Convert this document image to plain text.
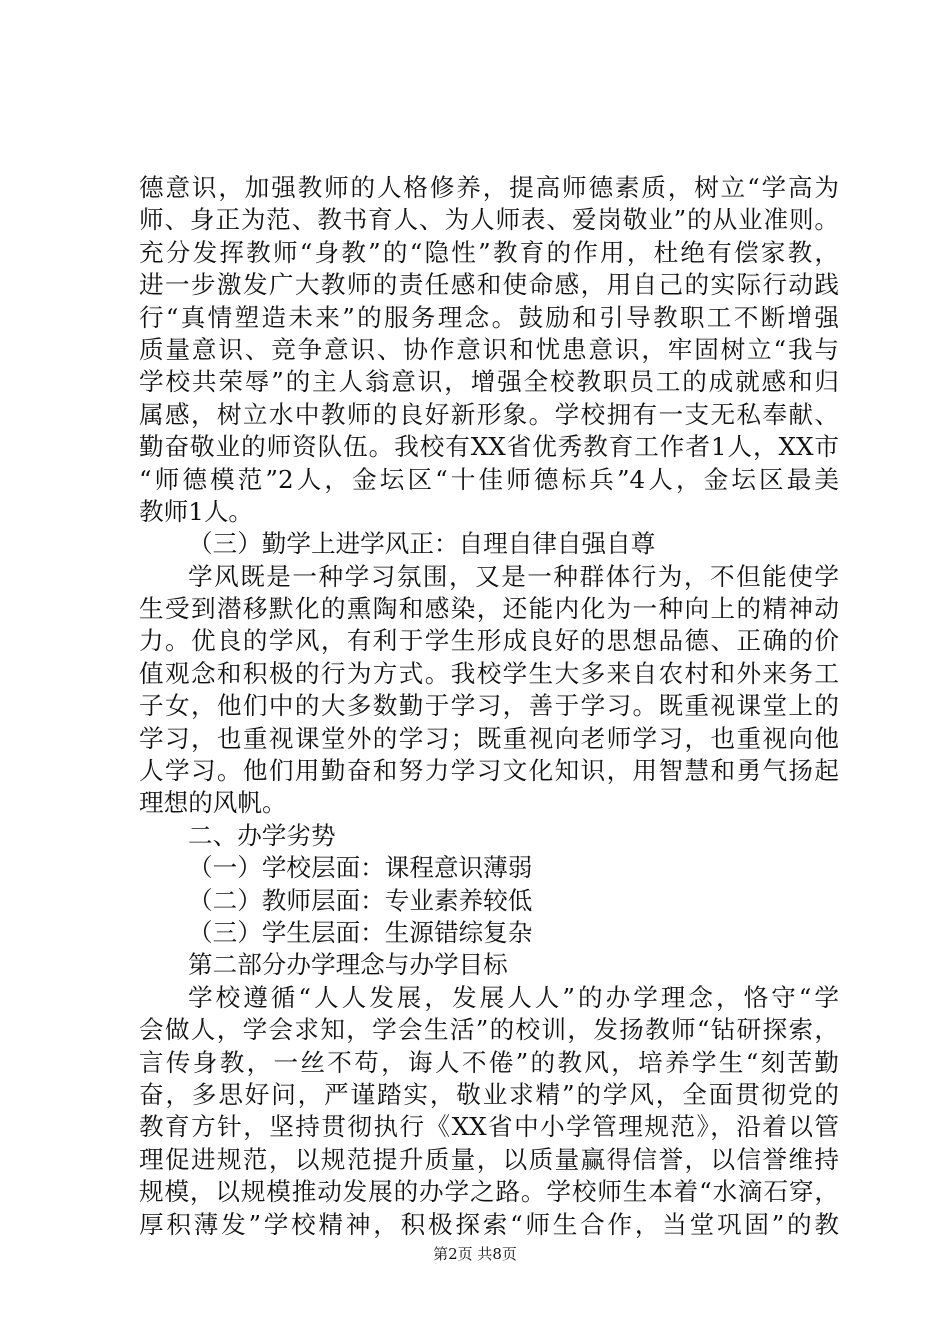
德意识，加强教师的人格修养，提高师德素质，树立“学高为
师、身正为范、教书育人、为人师表、爱岗敬业”的从业准则。
充分发挥教师“身教”的“隐性”教育的作用，杜绝有偿家教，
进一步激发广大教师的责任感和使命感，用自己的实际行动践
行“真情塑造未来”的服务理念。鼓励和引导教职工不断增强
质量意识、竞争意识、协作意识和忧患意识，牢固树立“我与
学校共荣辱”的主人翁意识，增强全校教职员工的成就感和归
属感，树立水中教师的良好新形象。学校拥有一支无私奉献、
勤奋敬业的师资队伍。我校有XX省优秀教育工作者1人，XX市
“师德模范”2人，金坛区“十佳师德标兵”4人，金坛区最美
教师1人。
（三）勤学上进学风正：自理自律自强自尊
学风既是一种学习氛围，又是一种群体行为，不但能使学
生受到潜移默化的熏陶和感染，还能内化为一种向上的精神动
力。优良的学风，有利于学生形成良好的思想品德、正确的价
值观念和积极的行为方式。我校学生大多来自农村和外来务工
子女，他们中的大多数勤于学习，善于学习。既重视课堂上的
学习，也重视课堂外的学习；既重视向老师学习，也重视向他
人学习。他们用勤奋和努力学习文化知识，用智慧和勇气扬起
理想的风帆。
二、办学劣势
（一）学校层面：课程意识薄弱
（二）教师层面：专业素养较低
（三）学生层面：生源错综复杂
第二部分办学理念与办学目标
学校遵循“人人发展，发展人人”的办学理念，恪守“学
会做人，学会求知，学会生活”的校训，发扬教师“钻研探索，
言传身教，一丝不苟，诲人不倦”的教风，培养学生“刻苦勤
奋，多思好问，严谨踏实，敬业求精”的学风，全面贯彻党的
教育方针，坚持贯彻执行《XX省中小学管理规范》，沿着以管
理促进规范，以规范提升质量，以质量赢得信誉，以信誉维持
规模，以规模推动发展的办学之路。学校师生本着“水滴石穿，
厚积薄发”学校精神，积极探索“师生合作，当堂巩固”的教
第2页 共8页
